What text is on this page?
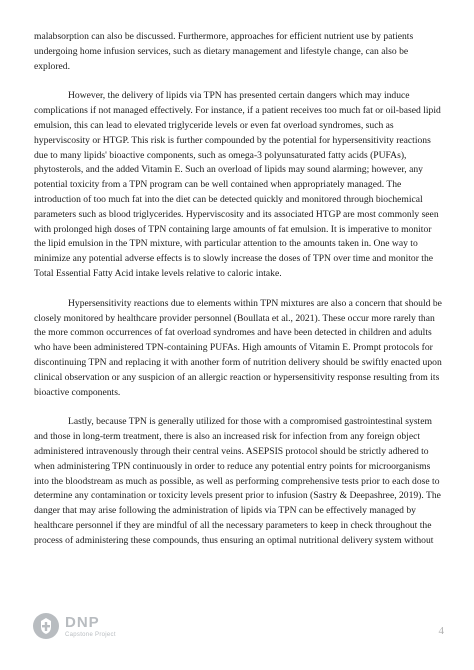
malabsorption can also be discussed. Furthermore, approaches for efficient nutrient use by patients undergoing home infusion services, such as dietary management and lifestyle change, can also be explored.

However, the delivery of lipids via TPN has presented certain dangers which may induce complications if not managed effectively. For instance, if a patient receives too much fat or oil-based lipid emulsion, this can lead to elevated triglyceride levels or even fat overload syndromes, such as hyperviscosity or HTGP. This risk is further compounded by the potential for hypersensitivity reactions due to many lipids' bioactive components, such as omega-3 polyunsaturated fatty acids (PUFAs), phytosterols, and the added Vitamin E. Such an overload of lipids may sound alarming; however, any potential toxicity from a TPN program can be well contained when appropriately managed. The introduction of too much fat into the diet can be detected quickly and monitored through biochemical parameters such as blood triglycerides. Hyperviscosity and its associated HTGP are most commonly seen with prolonged high doses of TPN containing large amounts of fat emulsion. It is imperative to monitor the lipid emulsion in the TPN mixture, with particular attention to the amounts taken in. One way to minimize any potential adverse effects is to slowly increase the doses of TPN over time and monitor the Total Essential Fatty Acid intake levels relative to caloric intake.

Hypersensitivity reactions due to elements within TPN mixtures are also a concern that should be closely monitored by healthcare provider personnel (Boullata et al., 2021). These occur more rarely than the more common occurrences of fat overload syndromes and have been detected in children and adults who have been administered TPN-containing PUFAs. High amounts of Vitamin E. Prompt protocols for discontinuing TPN and replacing it with another form of nutrition delivery should be swiftly enacted upon clinical observation or any suspicion of an allergic reaction or hypersensitivity response resulting from its bioactive components.

Lastly, because TPN is generally utilized for those with a compromised gastrointestinal system and those in long-term treatment, there is also an increased risk for infection from any foreign object administered intravenously through their central veins. ASEPSIS protocol should be strictly adhered to when administering TPN continuously in order to reduce any potential entry points for microorganisms into the bloodstream as much as possible, as well as performing comprehensive tests prior to each dose to determine any contamination or toxicity levels present prior to infusion (Sastry & Deepashree, 2019). The danger that may arise following the administration of lipids via TPN can be effectively managed by healthcare personnel if they are mindful of all the necessary parameters to keep in check throughout the process of administering these compounds, thus ensuring an optimal nutritional delivery system without

DNP
Capstone Project	4
